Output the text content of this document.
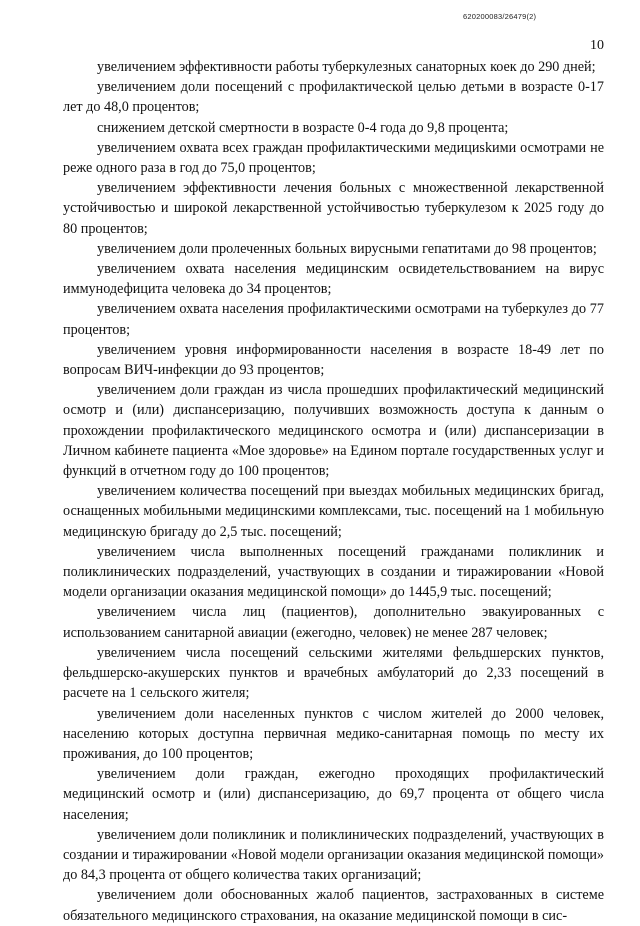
620200083/26479(2)
10

увеличением эффективности работы туберкулезных санаторных коек до 290 дней;

увеличением доли посещений с профилактической целью детьми в возрасте 0-17 лет до 48,0 процентов;

снижением детской смертности в возрасте 0-4 года до 9,8 процента;

увеличением охвата всех граждан профилактическими медициskими осмотрами не реже одного раза в год до 75,0 процентов;

увеличением эффективности лечения больных с множественной лекарственной устойчивостью и широкой лекарственной устойчивостью туберкулезом к 2025 году до 80 процентов;

увеличением доли пролеченных больных вирусными гепатитами до 98 процентов;

увеличением охвата населения медицинским освидетельствованием на вирус иммунодефицита человека до 34 процентов;

увеличением охвата населения профилактическими осмотрами на туберкулез до 77 процентов;

увеличением уровня информированности населения в возрасте 18-49 лет по вопросам ВИЧ-инфекции до 93 процентов;

увеличением доли граждан из числа прошедших профилактический медицинский осмотр и (или) диспансеризацию, получивших возможность доступа к данным о прохождении профилактического медицинского осмотра и (или) диспансеризации в Личном кабинете пациента «Мое здоровье» на Едином портале государственных услуг и функций в отчетном году до 100 процентов;

увеличением количества посещений при выездах мобильных медицинских бригад, оснащенных мобильными медицинскими комплексами, тыс. посещений на 1 мобильную медицинскую бригаду до 2,5 тыс. посещений;

увеличением числа выполненных посещений гражданами поликлиник и поликлинических подразделений, участвующих в создании и тиражировании «Новой модели организации оказания медицинской помощи» до 1445,9 тыс. посещений;

увеличением числа лиц (пациентов), дополнительно эвакуированных с использованием санитарной авиации (ежегодно, человек) не менее 287 человек;

увеличением числа посещений сельскими жителями фельдшерских пунктов, фельдшерско-акушерских пунктов и врачебных амбулаторий до 2,33 посещений в расчете на 1 сельского жителя;

увеличением доли населенных пунктов с числом жителей до 2000 человек, населению которых доступна первичная медико-санитарная помощь по месту их проживания, до 100 процентов;

увеличением доли граждан, ежегодно проходящих профилактический медицинский осмотр и (или) диспансеризацию, до 69,7 процента от общего числа населения;

увеличением доли поликлиник и поликлинических подразделений, участвующих в создании и тиражировании «Новой модели организации оказания медицинской помощи» до 84,3 процента от общего количества таких организаций;

увеличением доли обоснованных жалоб пациентов, застрахованных в системе обязательного медицинского страхования, на оказание медицинской помощи в сис-
